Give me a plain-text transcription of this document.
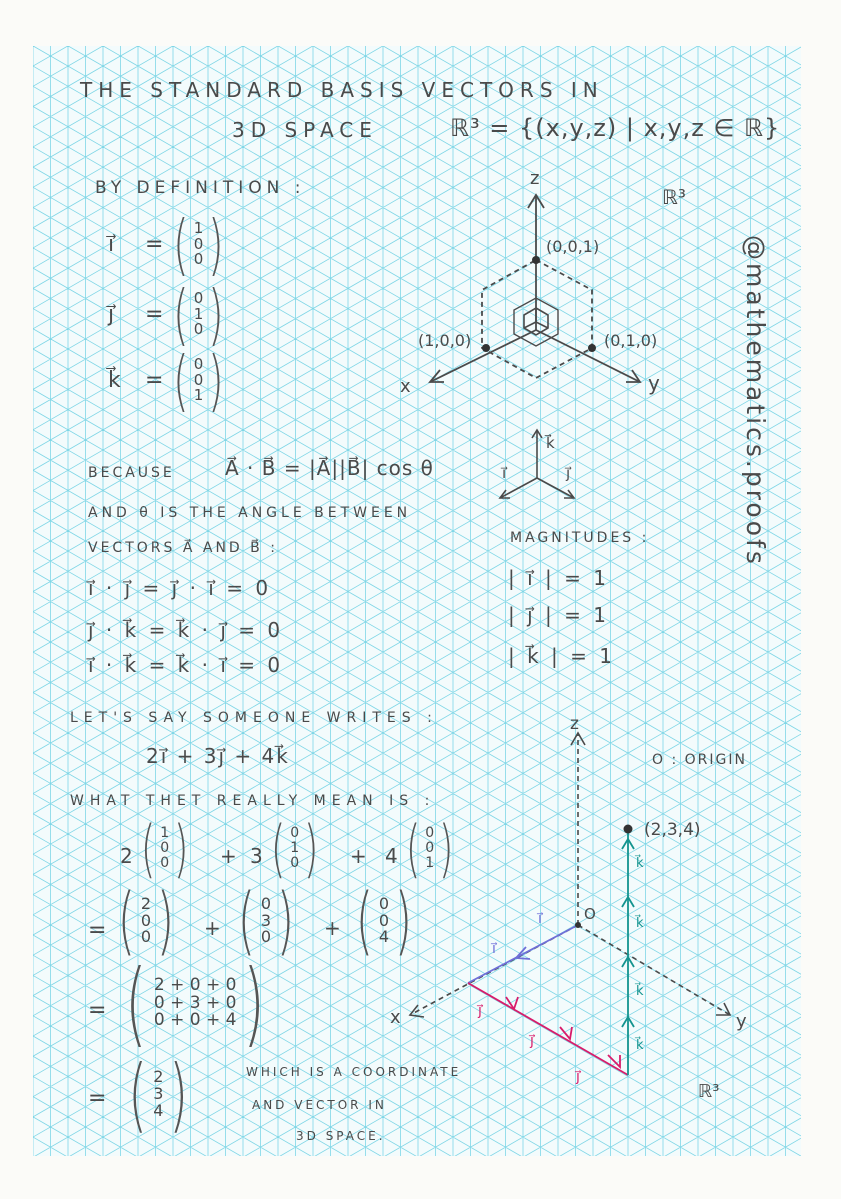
THE STANDARD BASIS VECTORS IN
3D SPACE	ℝ³ = {(x,y,z) | x,y,z ∈ ℝ}
BY DEFINITION :
i⃗ = ( 1
0
0 )
j⃗ = ( 0
1
0 )
k⃗ = ( 0
0
1 )
z
x	y
(0,0,1)
(1,0,0)	(0,1,0)
ℝ³
k⃗
i⃗	j⃗	@mathematics.proofs
BECAUSE	A⃗ · B⃗ = |A⃗||B⃗| cos θ
AND θ IS THE ANGLE BETWEEN
VECTORS A⃗ AND B⃗ :
i⃗ · j⃗ = j⃗ · i⃗ = 0
j⃗ · k⃗ = k⃗ · j⃗ = 0
i⃗ · k⃗ = k⃗ · i⃗ = 0
MAGNITUDES :
| i⃗ | = 1
| j⃗ | = 1
| k⃗ | = 1
LET'S SAY SOMEONE WRITES :
2i⃗ + 3j⃗ + 4k⃗
WHAT THET REALLY MEAN IS :
2 ( 1
0
0 ) + 3 ( 0
1
0 ) + 4 ( 0
0
1 )
= ( 2
0
0 ) + ( 0
3
0 ) + ( 0
0
4 )
= ( 2 + 0 + 0
0 + 3 + 0
0 + 0 + 4 )
= ( 2
3
4 )	WHICH IS A COORDINATE
AND VECTOR IN
3D SPACE.
O : ORIGIN
O
z
x	y
(2,3,4)
ℝ³
i⃗
i⃗
j⃗
j⃗
j⃗
k⃗
k⃗
k⃗
k⃗
